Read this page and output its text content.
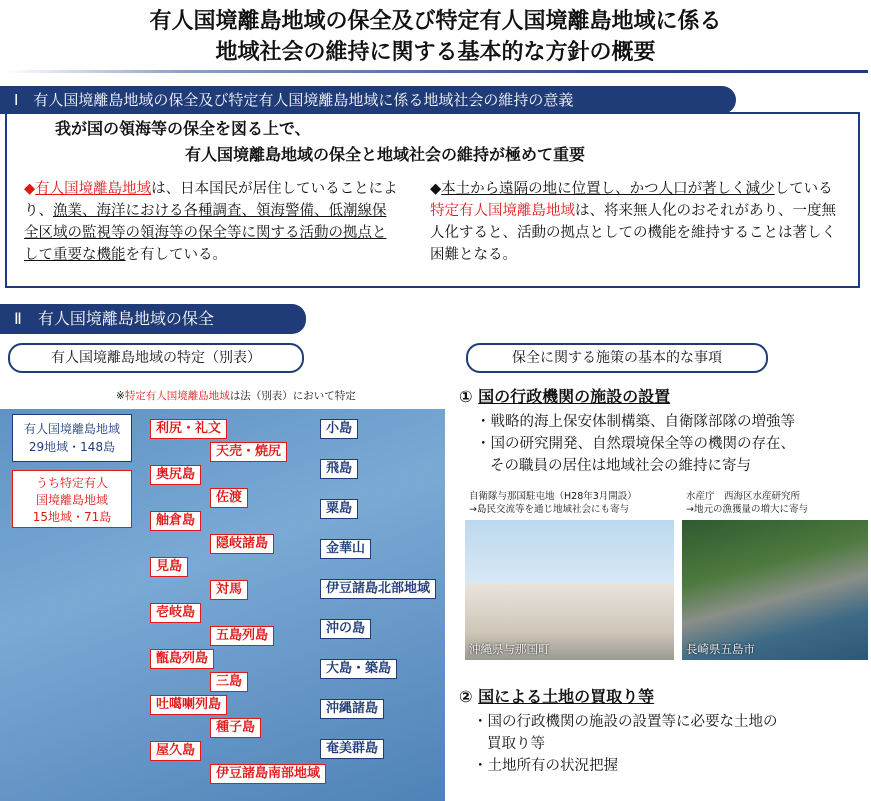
有人国境離島地域の保全及び特定有人国境離島地域に係る
地域社会の維持に関する基本的な方針の概要
Ⅰ　有人国境離島地域の保全及び特定有人国境離島地域に係る地域社会の維持の意義
我が国の領海等の保全を図る上で、
有人国境離島地域の保全と地域社会の維持が極めて重要
◆有人国境離島地域は、日本国民が居住していることにより、漁業、海洋における各種調査、領海警備、低潮線保全区域の監視等の領海等の保全等に関する活動の拠点として重要な機能を有している。
◆本土から遠隔の地に位置し、かつ人口が著しく減少している特定有人国境離島地域は、将来無人化のおそれがあり、一度無人化すると、活動の拠点としての機能を維持することは著しく困難となる。
Ⅱ　有人国境離島地域の保全
有人国境離島地域の特定（別表）	保全に関する施策の基本的な事項
※特定有人国境離島地域は法（別表）において特定
利尻・礼文
天売・焼尻
奥尻島
佐渡
舳倉島
隠岐諸島
見島
対馬
壱岐島
五島列島
甑島列島
三島
吐噶喇列島
種子島
屋久島
伊豆諸島南部地域
小島
飛島
粟島
金華山
伊豆諸島北部地域
沖の島
大島・築島
沖縄諸島
奄美群島
有人国境離島地域
29地域・148島
うち特定有人
国境離島地域
15地域・71島
① 国の行政機関の施設の設置
・戦略的海上保安体制構築、自衛隊部隊の増強等
・国の研究開発、自然環境保全等の機関の存在、
その職員の居住は地域社会の維持に寄与
自衛隊与那国駐屯地（H28年3月開設）
→島民交流等を通じ地域社会にも寄与
沖縄県与那国町
水産庁　西海区水産研究所
→地元の漁獲量の増大に寄与
長崎県五島市
② 国による土地の買取り等
・国の行政機関の施設の設置等に必要な土地の
買取り等
・土地所有の状況把握
